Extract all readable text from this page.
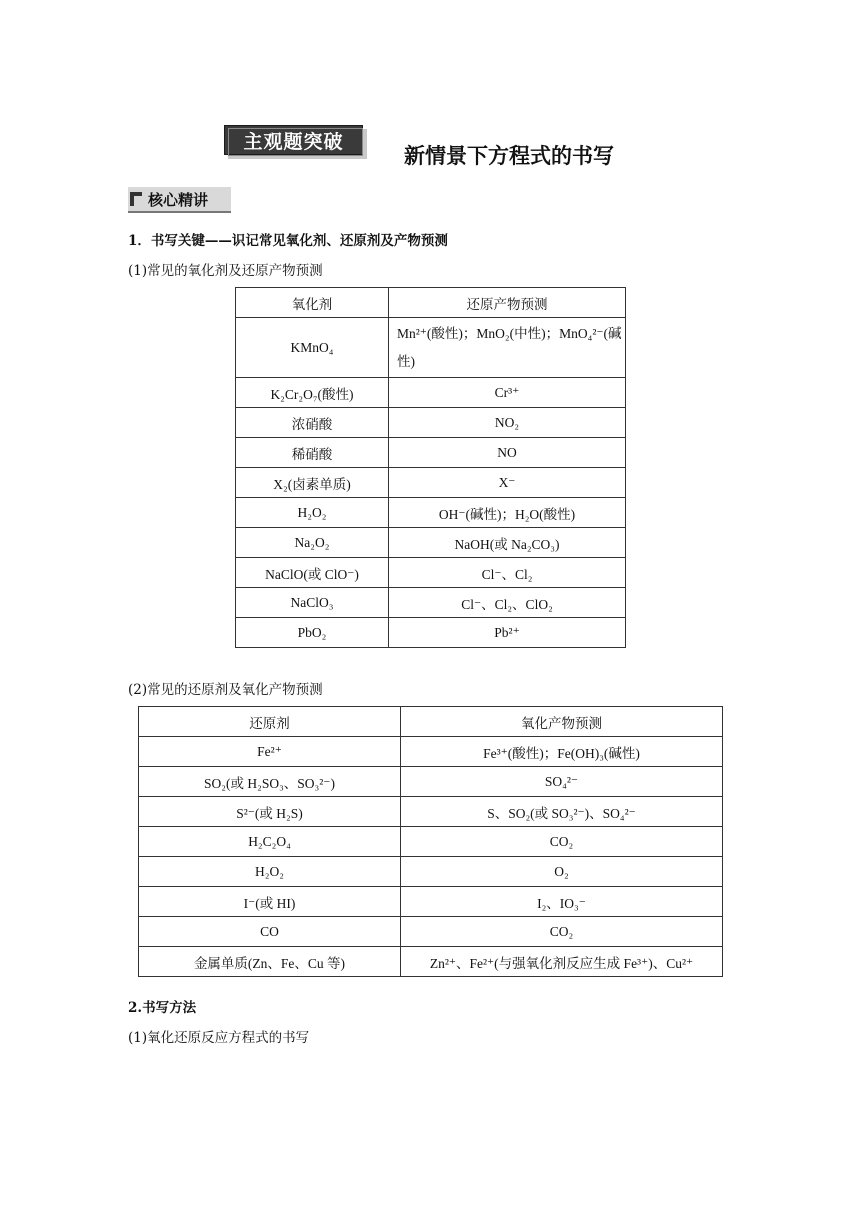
主观题突破
新情景下方程式的书写
核心精讲
1．书写关键——识记常见氧化剂、还原剂及产物预测
(1)常见的氧化剂及还原产物预测
氧化剂	还原产物预测
KMnO₄	Mn²⁺(酸性)；MnO₂(中性)；MnO₄²⁻(碱性)
K₂Cr₂O₇(酸性)	Cr³⁺
浓硝酸	NO₂
稀硝酸	NO
X₂(卤素单质)	X⁻
H₂O₂	OH⁻(碱性)；H₂O(酸性)
Na₂O₂	NaOH(或 Na₂CO₃)
NaClO(或 ClO⁻)	Cl⁻、Cl₂
NaClO₃	Cl⁻、Cl₂、ClO₂
PbO₂	Pb²⁺
(2)常见的还原剂及氧化产物预测
还原剂	氧化产物预测
Fe²⁺	Fe³⁺(酸性)；Fe(OH)₃(碱性)
SO₂(或 H₂SO₃、SO₃²⁻)	SO₄²⁻
S²⁻(或 H₂S)	S、SO₂(或 SO₃²⁻)、SO₄²⁻
H₂C₂O₄	CO₂
H₂O₂	O₂
I⁻(或 HI)	I₂、IO₃⁻
CO	CO₂
金属单质(Zn、Fe、Cu 等)	Zn²⁺、Fe²⁺(与强氧化剂反应生成 Fe³⁺)、Cu²⁺
2.书写方法
(1)氧化还原反应方程式的书写
